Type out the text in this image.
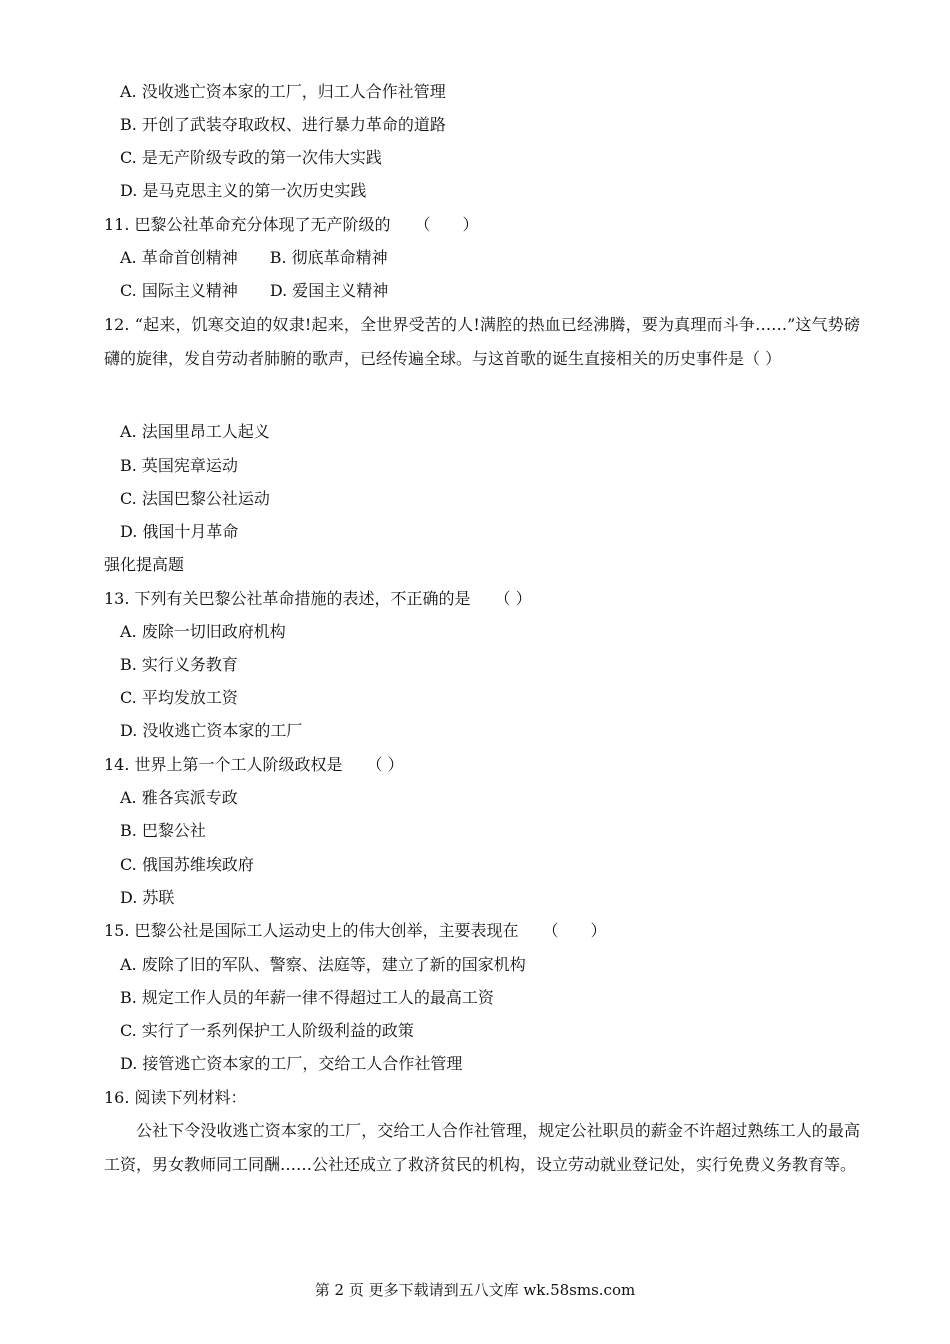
A. 没收逃亡资本家的工厂，归工人合作社管理
B. 开创了武装夺取政权、进行暴力革命的道路
C. 是无产阶级专政的第一次伟大实践
D. 是马克思主义的第一次历史实践
11. 巴黎公社革命充分体现了无产阶级的　　（　　）
A. 革命首创精神　　B. 彻底革命精神
C. 国际主义精神　　D. 爱国主义精神
12. “起来，饥寒交迫的奴隶!起来，全世界受苦的人!满腔的热血已经沸腾，要为真理而斗争……”这气势磅礴的旋律，发自劳动者肺腑的歌声，已经传遍全球。与这首歌的诞生直接相关的历史事件是（ ）
A. 法国里昂工人起义
B. 英国宪章运动
C. 法国巴黎公社运动
D. 俄国十月革命
强化提高题
13. 下列有关巴黎公社革命措施的表述，不正确的是　　（ ）
A. 废除一切旧政府机构
B. 实行义务教育
C. 平均发放工资
D. 没收逃亡资本家的工厂
14. 世界上第一个工人阶级政权是　　（ ）
A. 雅各宾派专政
B. 巴黎公社
C. 俄国苏维埃政府
D. 苏联
15. 巴黎公社是国际工人运动史上的伟大创举，主要表现在　　（　　）
A. 废除了旧的军队、警察、法庭等，建立了新的国家机构
B. 规定工作人员的年薪一律不得超过工人的最高工资
C. 实行了一系列保护工人阶级利益的政策
D. 接管逃亡资本家的工厂，交给工人合作社管理
16. 阅读下列材料：
公社下令没收逃亡资本家的工厂，交给工人合作社管理，规定公社职员的薪金不许超过熟练工人的最高工资，男女教师同工同酬……公社还成立了救济贫民的机构，设立劳动就业登记处，实行免费义务教育等。
第 2 页 更多下载请到五八文库 wk.58sms.com
